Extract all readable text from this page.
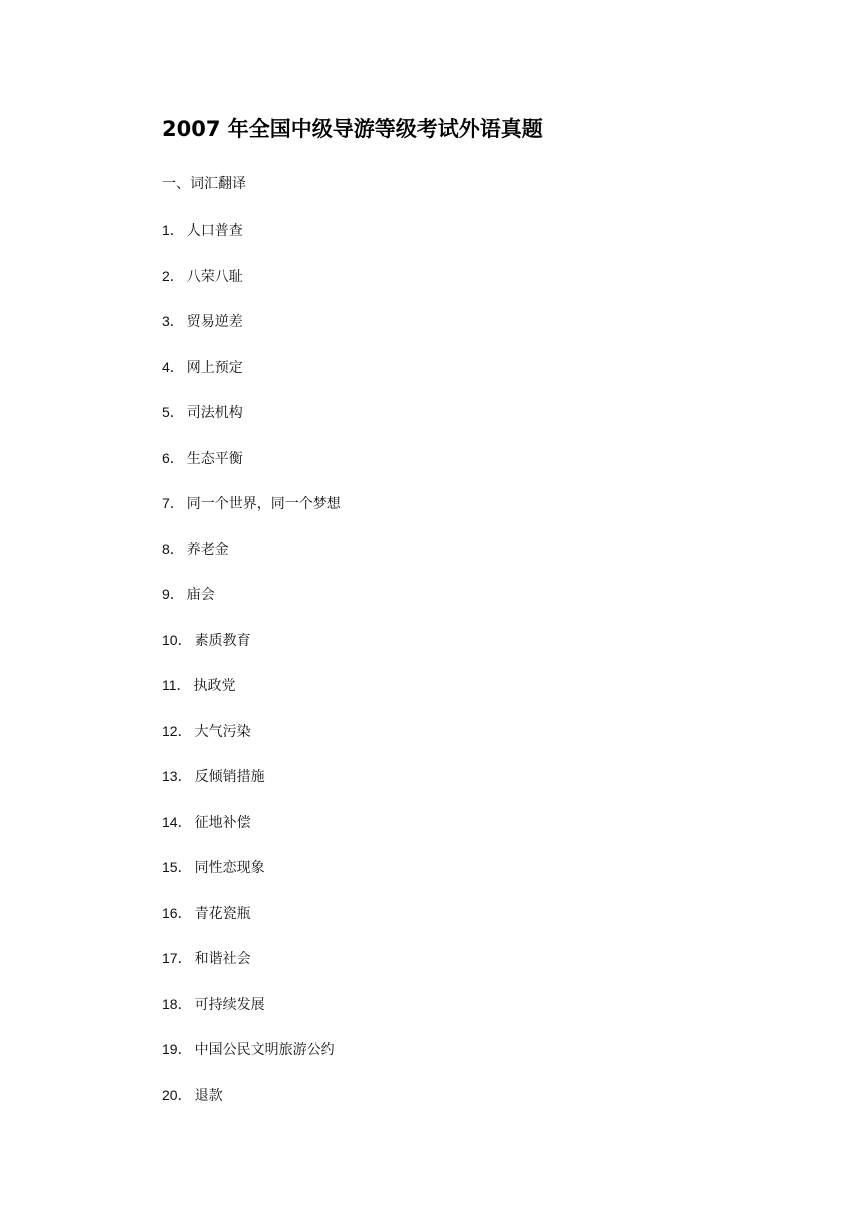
2007 年全国中级导游等级考试外语真题

一、词汇翻译

1． 人口普查
2． 八荣八耻
3． 贸易逆差
4． 网上预定
5． 司法机构
6． 生态平衡
7． 同一个世界，同一个梦想
8． 养老金
9． 庙会
10． 素质教育
11． 执政党
12． 大气污染
13． 反倾销措施
14． 征地补偿
15． 同性恋现象
16． 青花瓷瓶
17． 和谐社会
18． 可持续发展
19． 中国公民文明旅游公约
20． 退款
